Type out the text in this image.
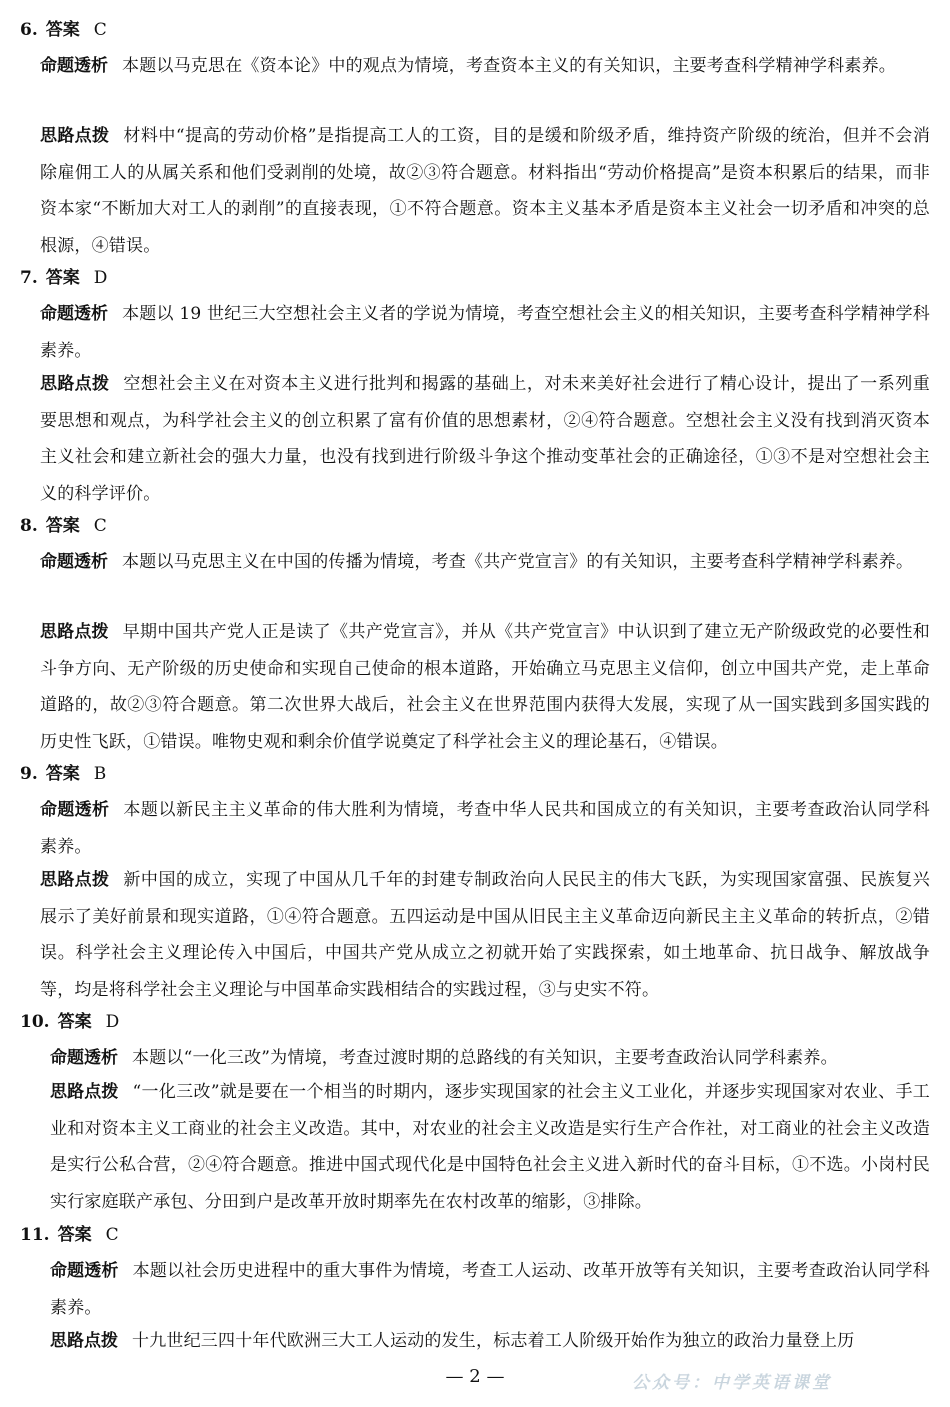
6. 答案 C
命题透析 本题以马克思在《资本论》中的观点为情境，考查资本主义的有关知识，主要考查科学精神学科素养。
思路点拨 材料中“提高的劳动价格”是指提高工人的工资，目的是缓和阶级矛盾，维持资产阶级的统治，但并不会消除雇佣工人的从属关系和他们受剥削的处境，故②③符合题意。材料指出“劳动价格提高”是资本积累后的结果，而非资本家“不断加大对工人的剥削”的直接表现，①不符合题意。资本主义基本矛盾是资本主义社会一切矛盾和冲突的总根源，④错误。
7. 答案 D
命题透析 本题以 19 世纪三大空想社会主义者的学说为情境，考查空想社会主义的相关知识，主要考查科学精神学科素养。
思路点拨 空想社会主义在对资本主义进行批判和揭露的基础上，对未来美好社会进行了精心设计，提出了一系列重要思想和观点，为科学社会主义的创立积累了富有价值的思想素材，②④符合题意。空想社会主义没有找到消灭资本主义社会和建立新社会的强大力量，也没有找到进行阶级斗争这个推动变革社会的正确途径，①③不是对空想社会主义的科学评价。
8. 答案 C
命题透析 本题以马克思主义在中国的传播为情境，考查《共产党宣言》的有关知识，主要考查科学精神学科素养。
思路点拨 早期中国共产党人正是读了《共产党宣言》，并从《共产党宣言》中认识到了建立无产阶级政党的必要性和斗争方向、无产阶级的历史使命和实现自己使命的根本道路，开始确立马克思主义信仰，创立中国共产党，走上革命道路的，故②③符合题意。第二次世界大战后，社会主义在世界范围内获得大发展，实现了从一国实践到多国实践的历史性飞跃，①错误。唯物史观和剩余价值学说奠定了科学社会主义的理论基石，④错误。
9. 答案 B
命题透析 本题以新民主主义革命的伟大胜利为情境，考查中华人民共和国成立的有关知识，主要考查政治认同学科素养。
思路点拨 新中国的成立，实现了中国从几千年的封建专制政治向人民民主的伟大飞跃，为实现国家富强、民族复兴展示了美好前景和现实道路，①④符合题意。五四运动是中国从旧民主主义革命迈向新民主主义革命的转折点，②错误。科学社会主义理论传入中国后，中国共产党从成立之初就开始了实践探索，如土地革命、抗日战争、解放战争等，均是将科学社会主义理论与中国革命实践相结合的实践过程，③与史实不符。
10. 答案 D
命题透析 本题以“一化三改”为情境，考查过渡时期的总路线的有关知识，主要考查政治认同学科素养。
思路点拨 “一化三改”就是要在一个相当的时期内，逐步实现国家的社会主义工业化，并逐步实现国家对农业、手工业和对资本主义工商业的社会主义改造。其中，对农业的社会主义改造是实行生产合作社，对工商业的社会主义改造是实行公私合营，②④符合题意。推进中国式现代化是中国特色社会主义进入新时代的奋斗目标，①不选。小岗村民实行家庭联产承包、分田到户是改革开放时期率先在农村改革的缩影，③排除。
11. 答案 C
命题透析 本题以社会历史进程中的重大事件为情境，考查工人运动、改革开放等有关知识，主要考查政治认同学科素养。
思路点拨 十九世纪三四十年代欧洲三大工人运动的发生，标志着工人阶级开始作为独立的政治力量登上历
— 2 —	公众号：中学英语课堂
